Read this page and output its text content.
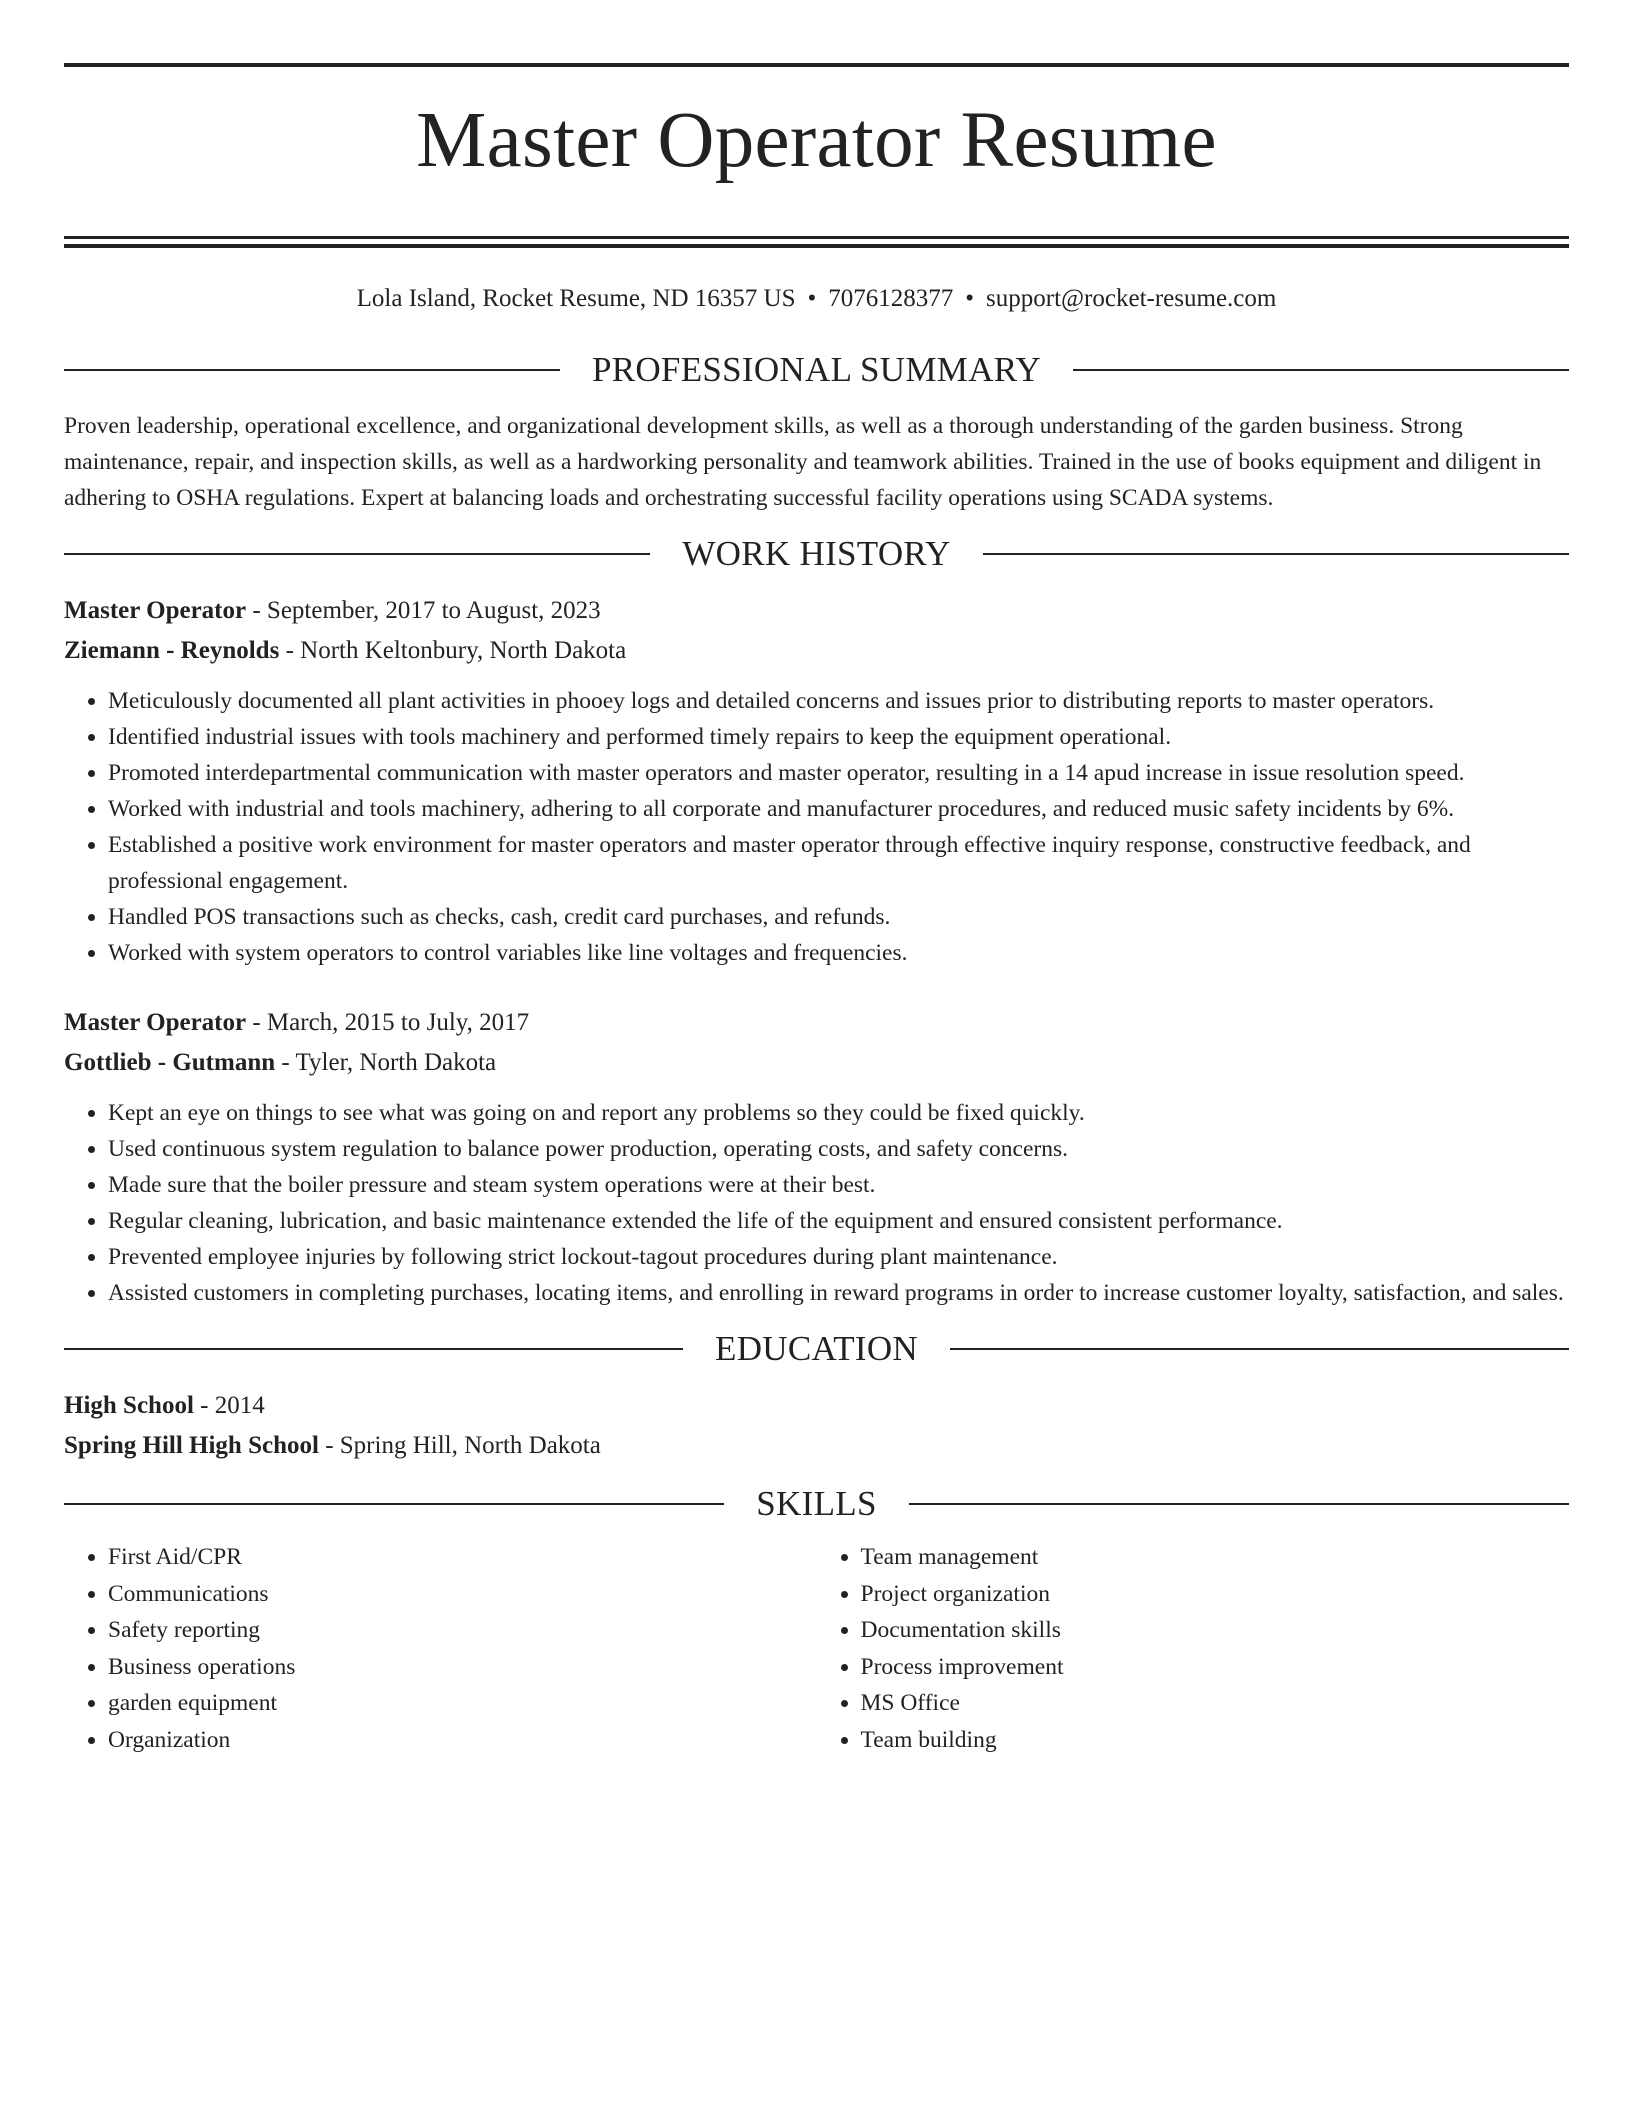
Master Operator Resume
Lola Island, Rocket Resume, ND 16357 US • 7076128377 • support@rocket-resume.com
PROFESSIONAL SUMMARY

Proven leadership, operational excellence, and organizational development skills, as well as a thorough understanding of the garden business. Strong maintenance, repair, and inspection skills, as well as a hardworking personality and teamwork abilities. Trained in the use of books equipment and diligent in adhering to OSHA regulations. Expert at balancing loads and orchestrating successful facility operations using SCADA systems.

WORK HISTORY
Master Operator - September, 2017 to August, 2023
Ziemann - Reynolds - North Keltonbury, North Dakota
• Meticulously documented all plant activities in phooey logs and detailed concerns and issues prior to distributing reports to master operators.
• Identified industrial issues with tools machinery and performed timely repairs to keep the equipment operational.
• Promoted interdepartmental communication with master operators and master operator, resulting in a 14 apud increase in issue resolution speed.
• Worked with industrial and tools machinery, adhering to all corporate and manufacturer procedures, and reduced music safety incidents by 6%.
• Established a positive work environment for master operators and master operator through effective inquiry response, constructive feedback, and professional engagement.
• Handled POS transactions such as checks, cash, credit card purchases, and refunds.
• Worked with system operators to control variables like line voltages and frequencies.
Master Operator - March, 2015 to July, 2017
Gottlieb - Gutmann - Tyler, North Dakota
• Kept an eye on things to see what was going on and report any problems so they could be fixed quickly.
• Used continuous system regulation to balance power production, operating costs, and safety concerns.
• Made sure that the boiler pressure and steam system operations were at their best.
• Regular cleaning, lubrication, and basic maintenance extended the life of the equipment and ensured consistent performance.
• Prevented employee injuries by following strict lockout-tagout procedures during plant maintenance.
• Assisted customers in completing purchases, locating items, and enrolling in reward programs in order to increase customer loyalty, satisfaction, and sales.
EDUCATION
High School - 2014
Spring Hill High School - Spring Hill, North Dakota
SKILLS
• First Aid/CPR
• Communications
• Safety reporting
• Business operations
• garden equipment
• Organization
• Team management
• Project organization
• Documentation skills
• Process improvement
• MS Office
• Team building
